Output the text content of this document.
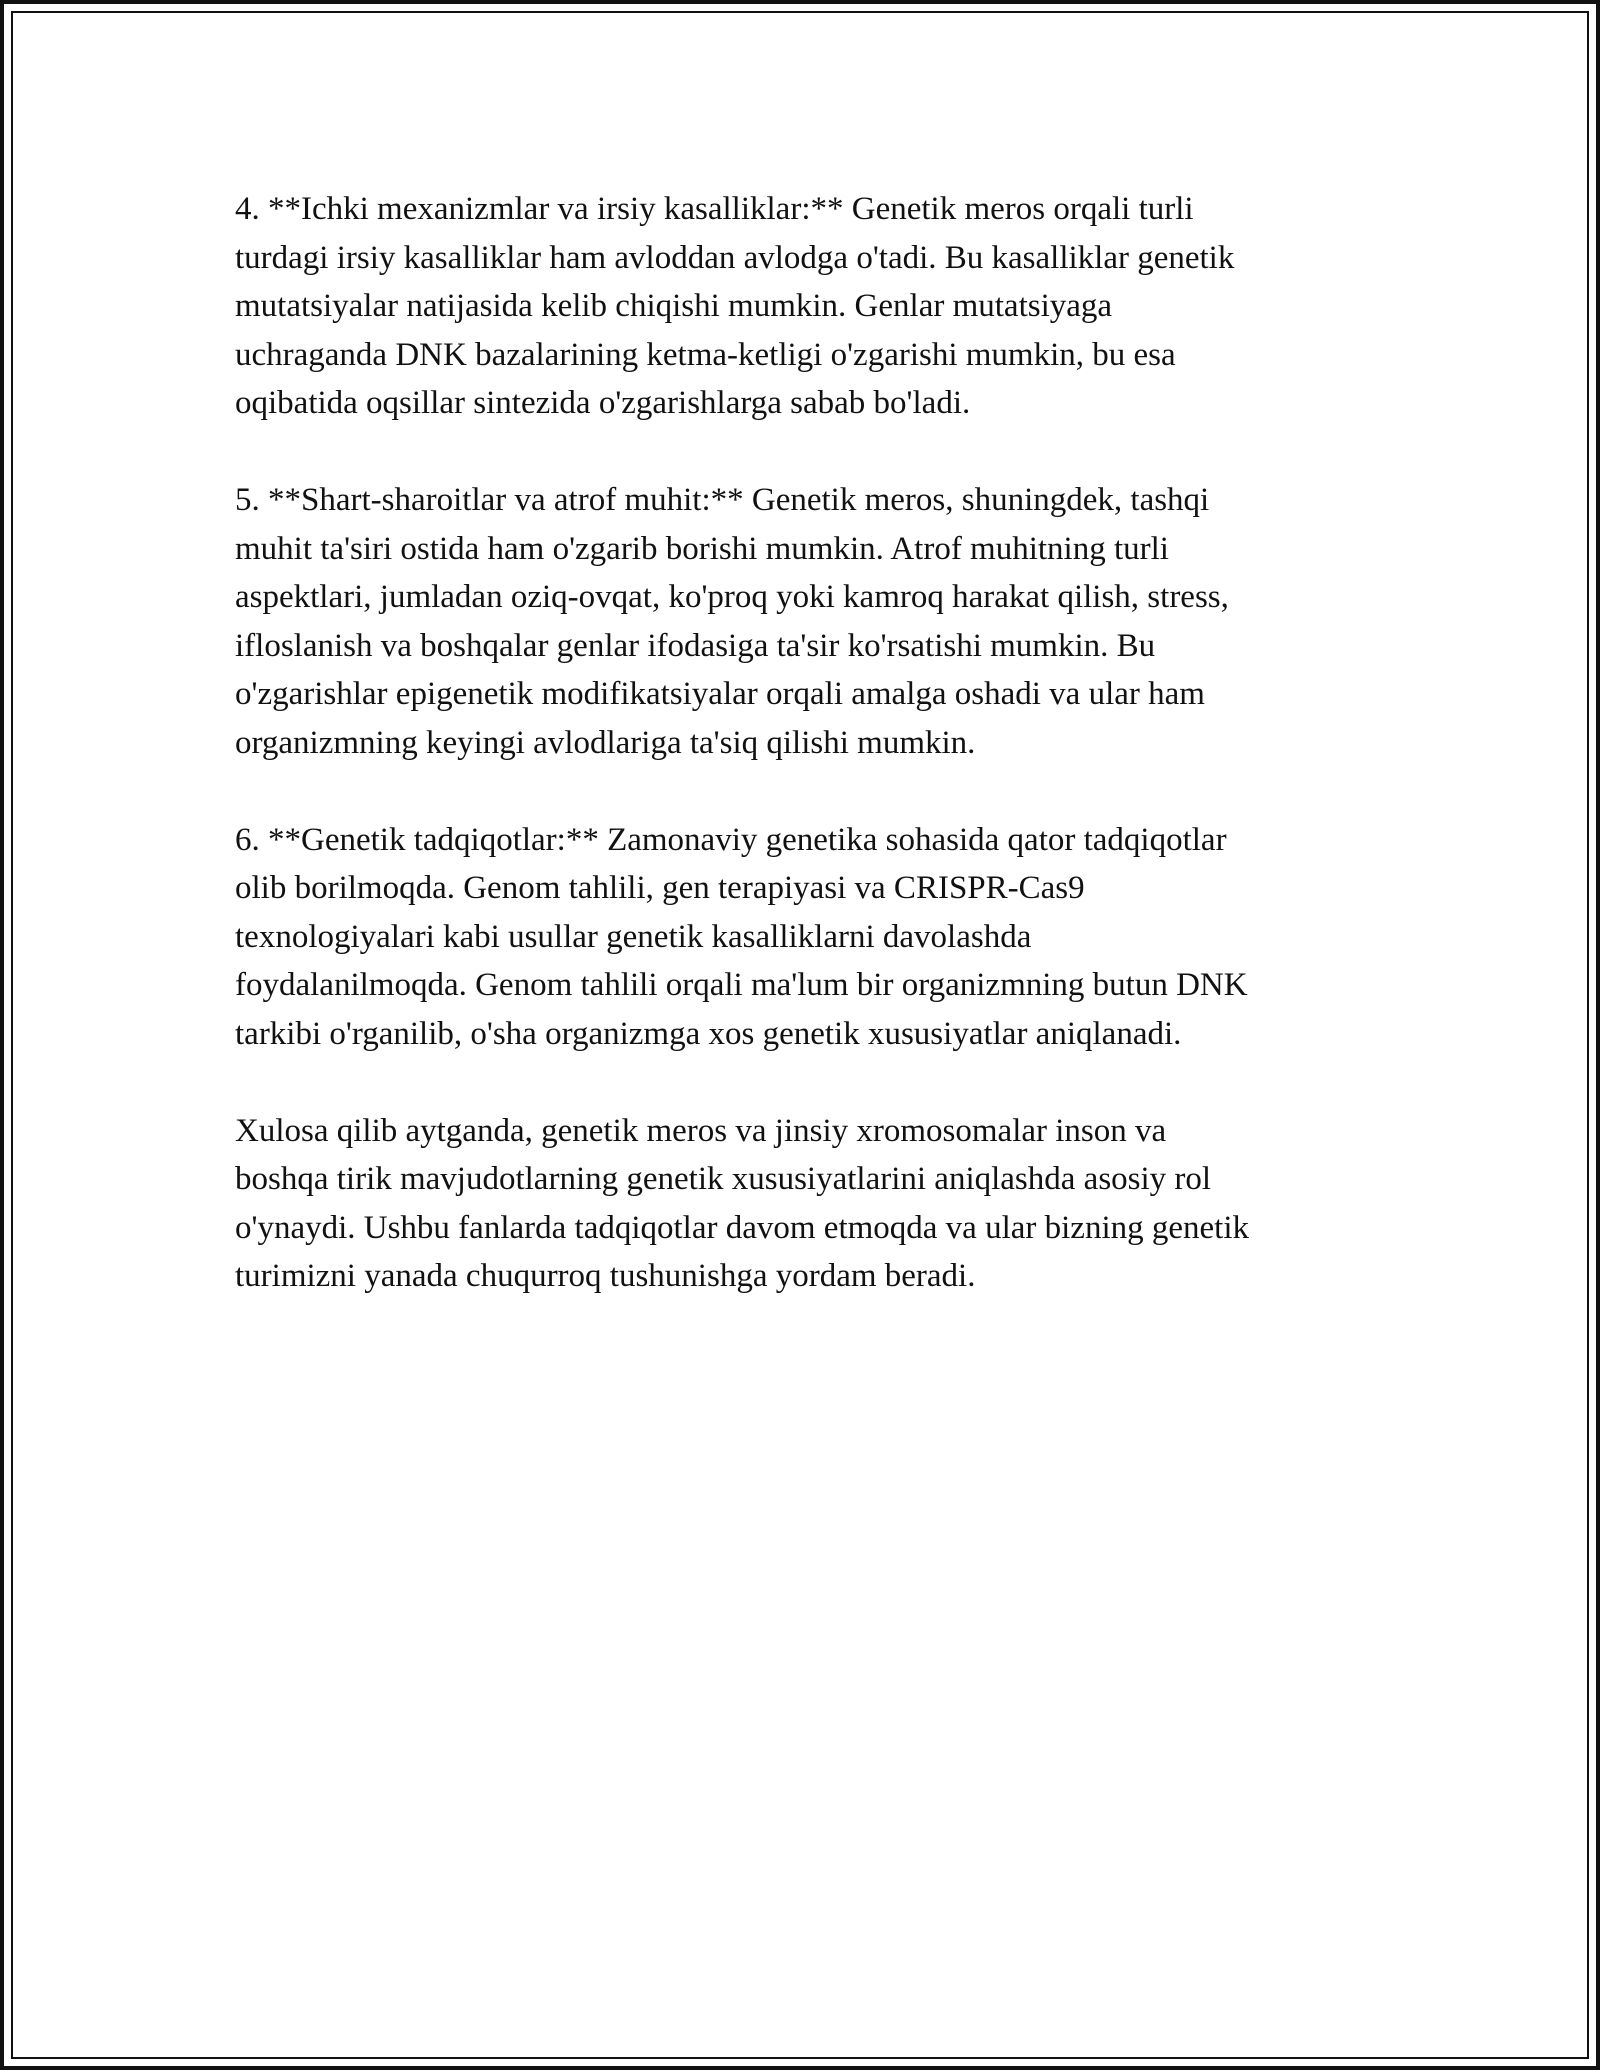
4. **Ichki mexanizmlar va irsiy kasalliklar:** Genetik meros orqali turli
turdagi irsiy kasalliklar ham avloddan avlodga o'tadi. Bu kasalliklar genetik
mutatsiyalar natijasida kelib chiqishi mumkin. Genlar mutatsiyaga
uchraganda DNK bazalarining ketma-ketligi o'zgarishi mumkin, bu esa
oqibatida oqsillar sintezida o'zgarishlarga sabab bo'ladi.

5. **Shart-sharoitlar va atrof muhit:** Genetik meros, shuningdek, tashqi
muhit ta'siri ostida ham o'zgarib borishi mumkin. Atrof muhitning turli
aspektlari, jumladan oziq-ovqat, ko'proq yoki kamroq harakat qilish, stress,
ifloslanish va boshqalar genlar ifodasiga ta'sir ko'rsatishi mumkin. Bu
o'zgarishlar epigenetik modifikatsiyalar orqali amalga oshadi va ular ham
organizmning keyingi avlodlariga ta'siq qilishi mumkin.

6. **Genetik tadqiqotlar:** Zamonaviy genetika sohasida qator tadqiqotlar
olib borilmoqda. Genom tahlili, gen terapiyasi va CRISPR-Cas9
texnologiyalari kabi usullar genetik kasalliklarni davolashda
foydalanilmoqda. Genom tahlili orqali ma'lum bir organizmning butun DNK
tarkibi o'rganilib, o'sha organizmga xos genetik xususiyatlar aniqlanadi.

Xulosa qilib aytganda, genetik meros va jinsiy xromosomalar inson va
boshqa tirik mavjudotlarning genetik xususiyatlarini aniqlashda asosiy rol
o'ynaydi. Ushbu fanlarda tadqiqotlar davom etmoqda va ular bizning genetik
turimizni yanada chuqurroq tushunishga yordam beradi.
